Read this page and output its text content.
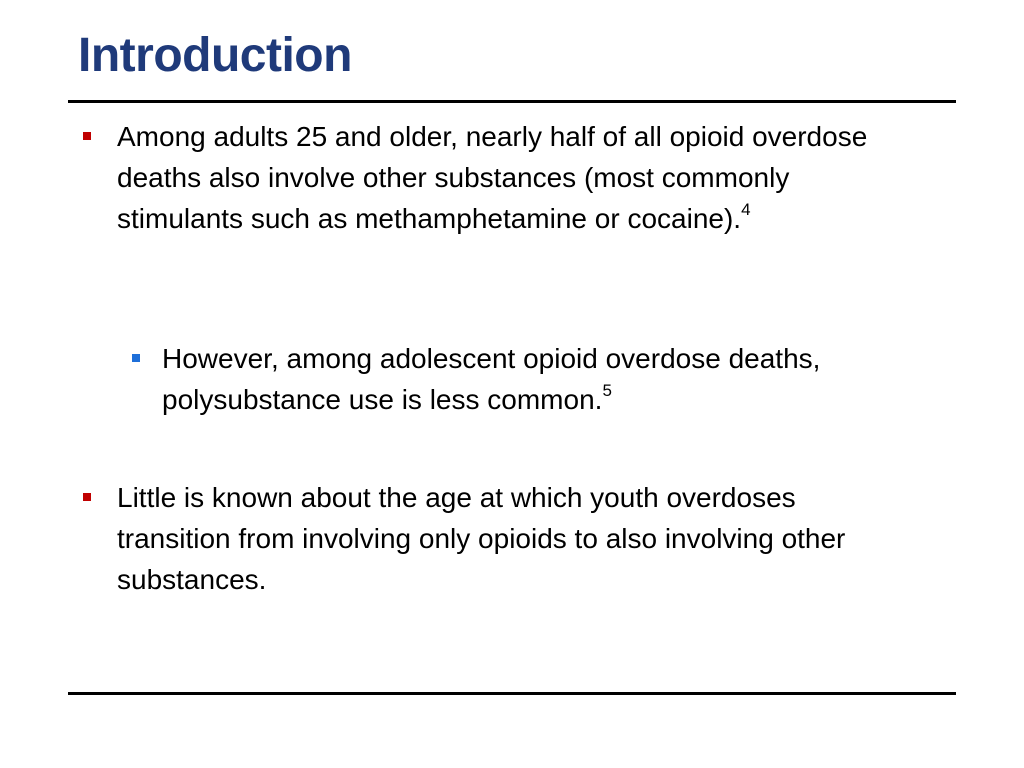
Introduction
Among adults 25 and older, nearly half of all opioid overdose deaths also involve other substances (most commonly stimulants such as methamphetamine or cocaine).$^4$
However, among adolescent opioid overdose deaths, polysubstance use is less common.$^5$
Little is known about the age at which youth overdoses transition from involving only opioids to also involving other substances.
